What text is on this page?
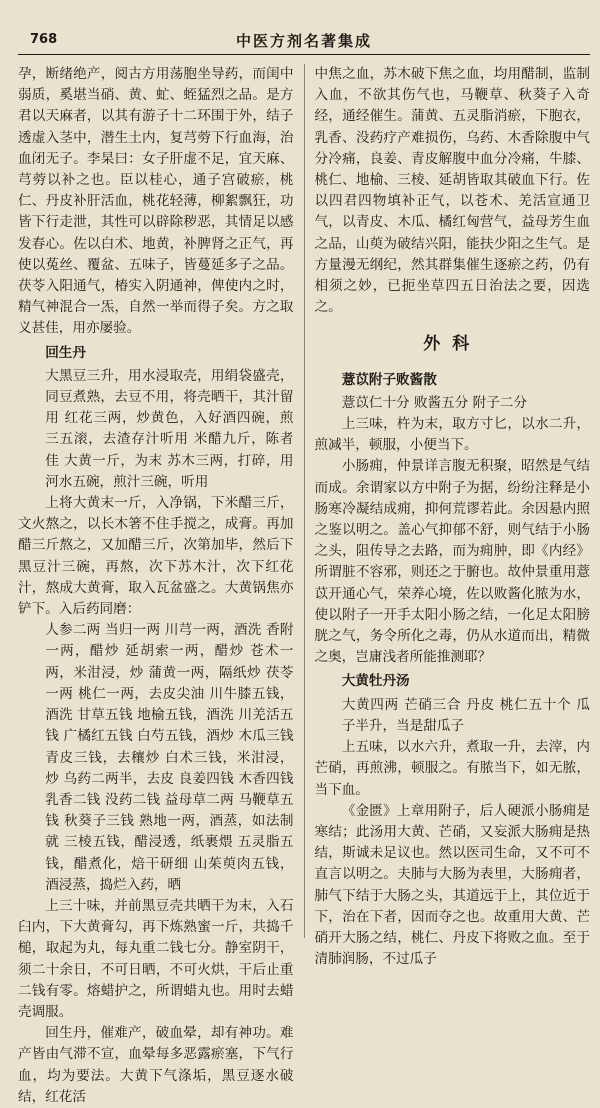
768	中医方剂名著集成

孕，断绪绝产，阅古方用荡胞坐导药，而闺中弱质，奚堪当硝、黄、虻、蛭猛烈之品。是方君以天麻者，以其有游子十二环围于外，结子透虚入茎中，潜生土内，复芎䓖下行血海，治血闭无子。李杲曰：女子肝虚不足，宜天麻、芎䓖以补之也。臣以桂心，通子宫破瘀，桃仁、丹皮补肝活血，桃花轻薄，柳絮飘狂，功皆下行走泄，其性可以辟除秽恶，其情足以感发春心。佐以白术、地黄，补脾肾之正气，再使以菟丝、覆盆、五味子，皆蔓延多子之品。茯苓入阳通气，椿实入阴通神，俾使内之时，精气神混合一炁，自然一举而得子矣。方之取义甚佳，用亦屡验。

回生丹

大黑豆三升，用水浸取壳，用绢袋盛壳，同豆煮熟，去豆不用，将壳晒干，其汁留用 红花三两，炒黄色，入好酒四碗，煎三五滚，去渣存汁听用 米醋九斤，陈者佳 大黄一斤，为末 苏木三两，打碎，用河水五碗，煎汁三碗，听用

上将大黄末一斤，入净锅，下米醋三斤，文火熬之，以长木箸不住手搅之，成膏。再加醋三斤熬之，又加醋三斤，次第加毕，然后下黑豆汁三碗，再熬，次下苏木汁，次下红花汁，熬成大黄膏，取入瓦盆盛之。大黄锅焦亦铲下。入后药同磨：

人参二两 当归一两 川芎一两，酒洗 香附一两，醋炒 延胡索一两，醋炒 苍术一两，米泔浸，炒 蒲黄一两，隔纸炒 茯苓一两 桃仁一两，去皮尖油 川牛膝五钱，酒洗 甘草五钱 地榆五钱，酒洗 川羌活五钱 广橘红五钱 白芍五钱，酒炒 木瓜三钱 青皮三钱，去穰炒 白术三钱，米泔浸，炒 乌药二两半，去皮 良姜四钱 木香四钱 乳香二钱 没药二钱 益母草二两 马鞭草五钱 秋葵子三钱 熟地一两，酒蒸，如法制就 三棱五钱，醋浸透，纸裹煨 五灵脂五钱，醋煮化，焙干研细 山茱萸肉五钱，酒浸蒸，捣烂入药，晒

上三十味，并前黑豆壳共晒干为末，入石臼内，下大黄膏勾，再下炼熟蜜一斤，共捣千槌，取起为丸，每丸重二钱七分。静室阴干，须二十余日，不可日晒，不可火烘，干后止重二钱有零。熔蜡护之，所谓蜡丸也。用时去蜡壳调服。

回生丹，催难产，破血晕，却有神功。难产皆由气滞不宣，血晕每多恶露瘀塞，下气行血，均为要法。大黄下气涤垢，黑豆逐水破结，红花活

中焦之血，苏木破下焦之血，均用醋制，监制入血，不欲其伤气也，马鞭草、秋葵子入奇经，通经催生。蒲黄、五灵脂消瘀，下胞衣，乳香、没药疗产难损伤，乌药、木香除腹中气分冷痛，良姜、青皮解腹中血分冷痛，牛膝、桃仁、地榆、三棱、延胡皆取其破血下行。佐以四君四物填补正气，以苍术、羌活宣通卫气，以青皮、木瓜、橘红匈营气，益母芳生血之品，山萸为破结兴阳，能扶少阳之生气。是方量漫无纲纪，然其群集催生逐瘀之药，仍有相须之妙，已扼坐草四五日治法之要，因选之。

外科
薏苡附子败酱散

薏苡仁十分 败酱五分 附子二分

上三味，杵为末，取方寸匕，以水二升，煎减半，顿服，小便当下。

小肠痈，仲景详言腹无积聚，昭然是气结而成。余谓家以方中附子为据，纷纷注释是小肠寒冷凝结成痈，抑何荒谬若此。余因悬内照之鉴以明之。盖心气抑郁不舒，则气结于小肠之头，阻传导之去路，而为痈肿，即《内经》所谓脏不容邪，则还之于腑也。故仲景重用薏苡开通心气，荣养心境，佐以败酱化脓为水，使以附子一开手太阳小肠之结，一化足太阳膀胱之气，务令所化之毒，仍从水道而出，精微之奥，岂庸浅者所能推测耶？

大黄牡丹汤

大黄四两 芒硝三合 丹皮 桃仁五十个 瓜子半升，当是甜瓜子

上五味，以水六升，煮取一升，去滓，内芒硝，再煎沸，顿服之。有脓当下，如无脓，当下血。

《金匮》上章用附子，后人硬派小肠痈是寒结；此汤用大黄、芒硝，又妄派大肠痈是热结，斯诚未足议也。然以医司生命，又不可不直言以明之。夫肺与大肠为表里，大肠痈者，肺气下结于大肠之头，其道远于上，其位近于下，治在下者，因而夺之也。故重用大黄、芒硝开大肠之结，桃仁、丹皮下将败之血。至于清肺润肠，不过瓜子
